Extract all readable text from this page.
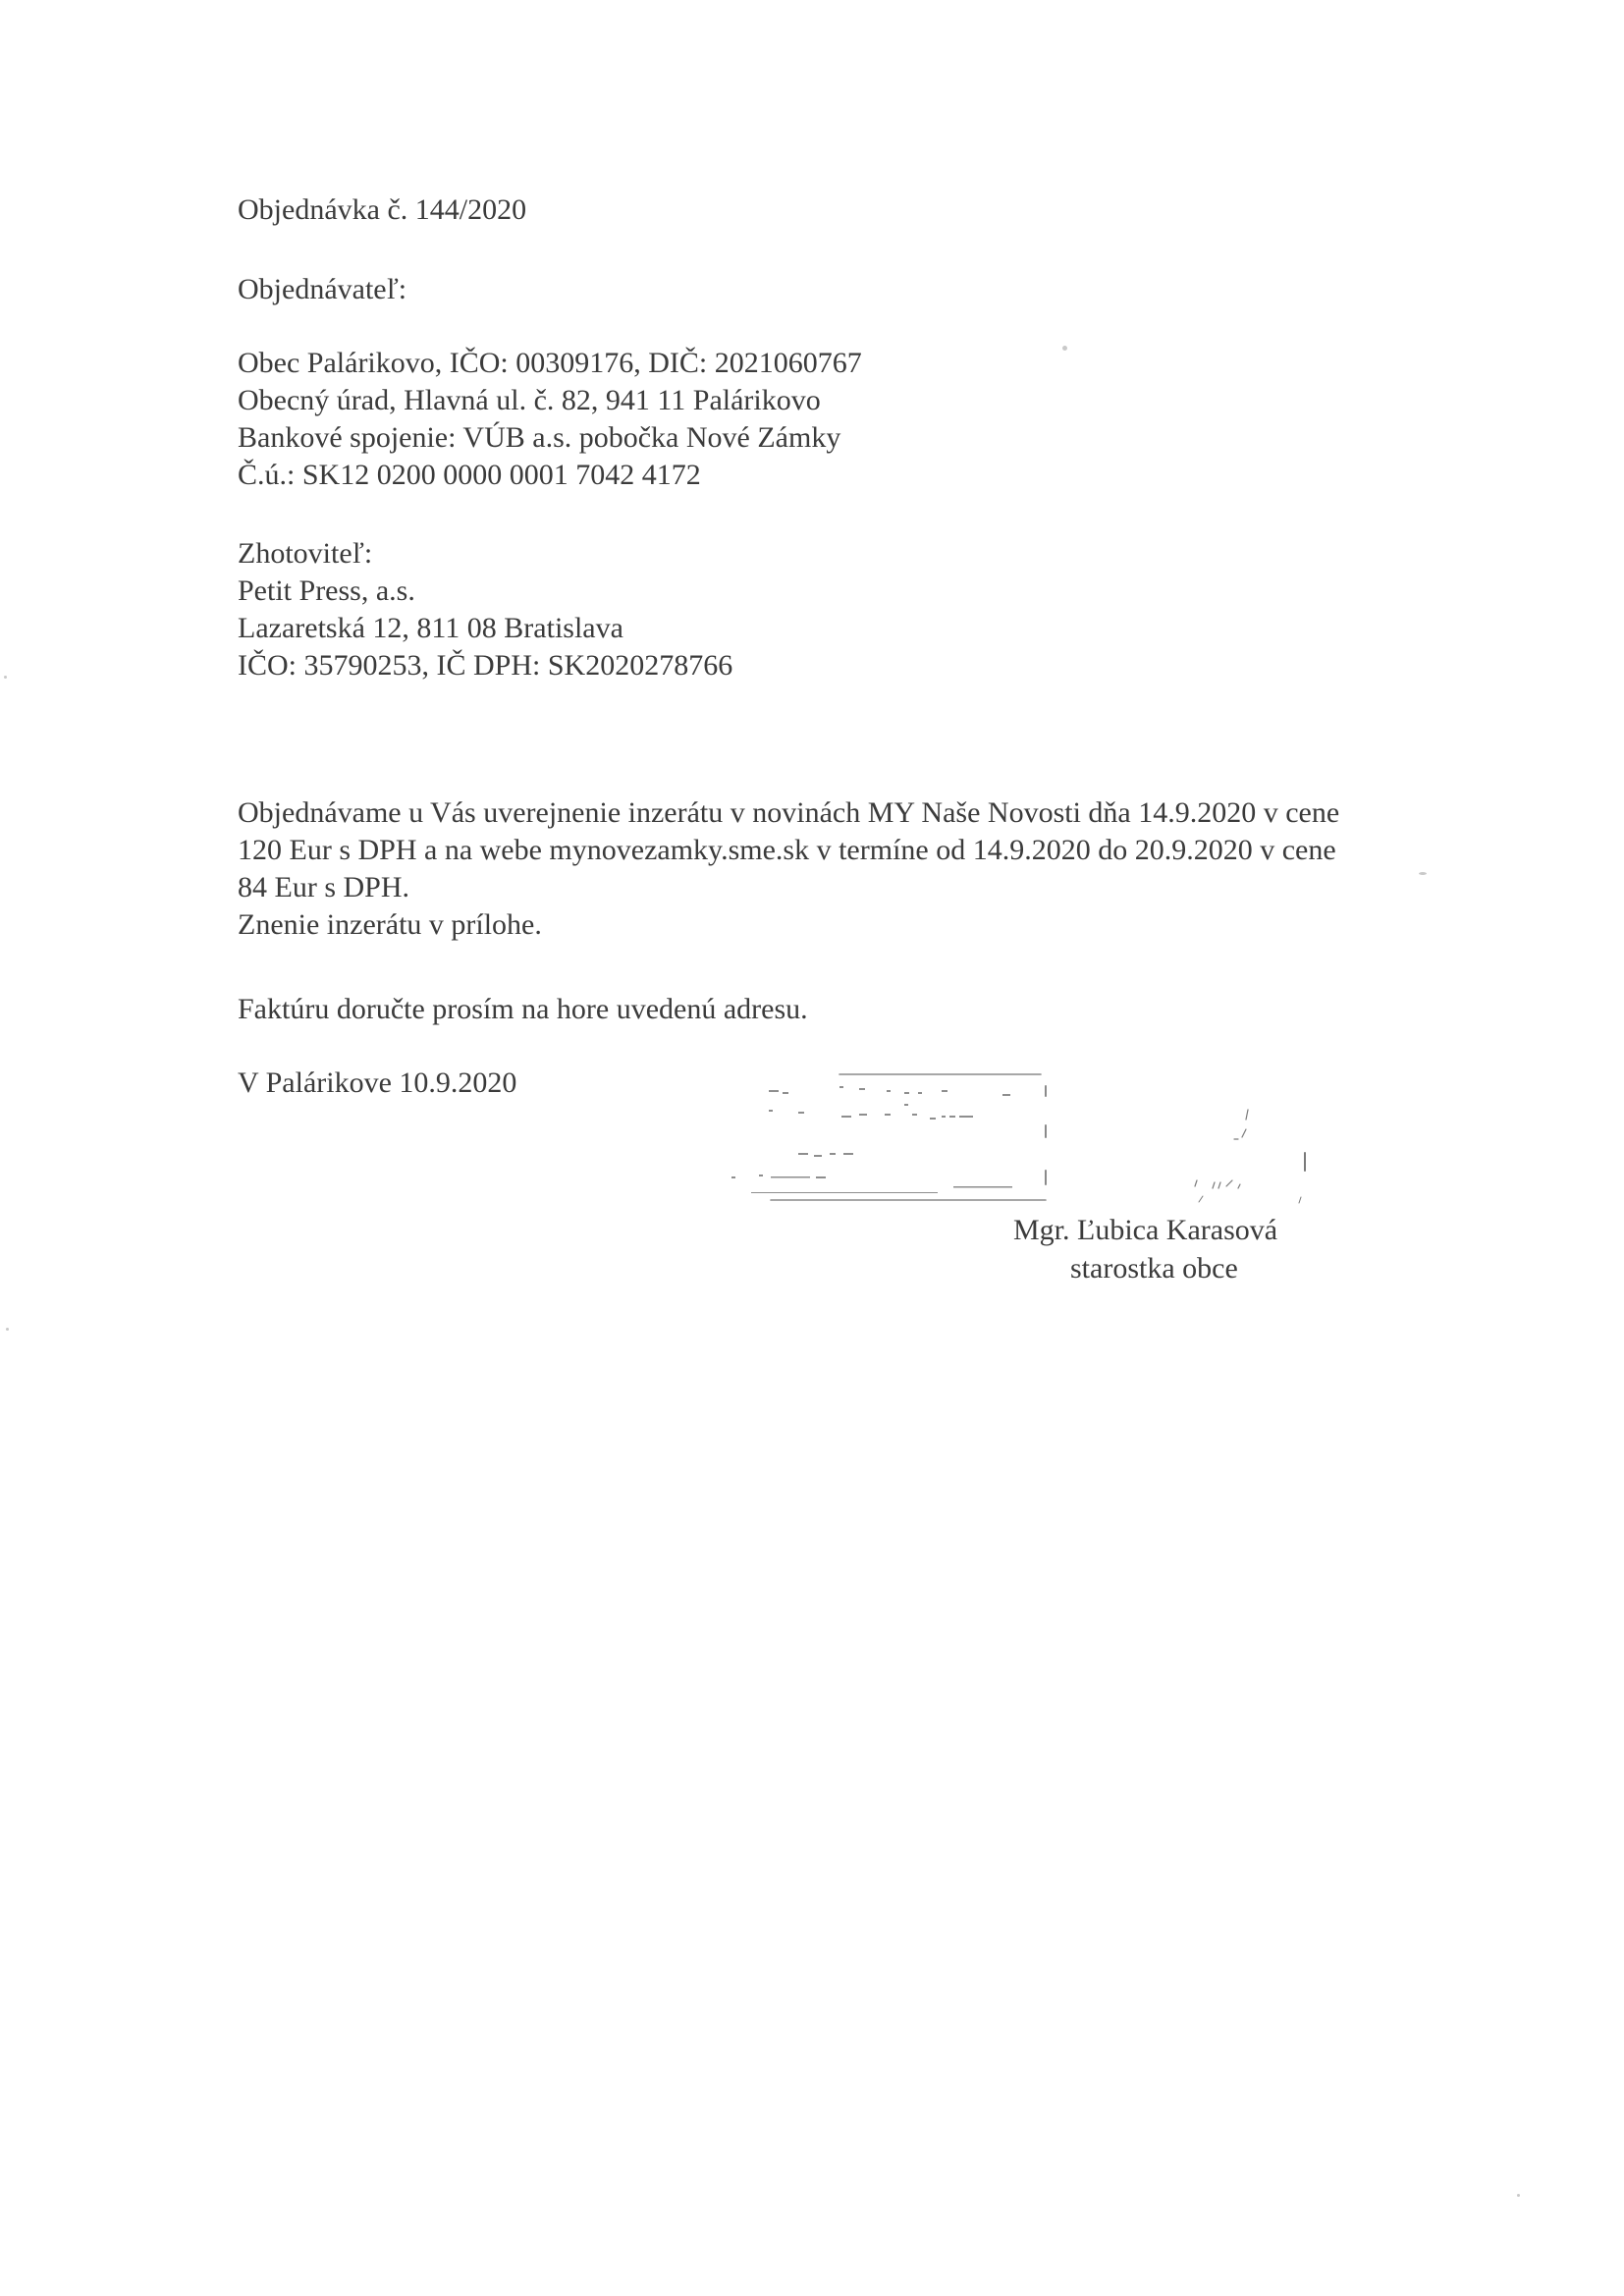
Objednávka č. 144/2020
Objednávateľ:
Obec Palárikovo, IČO: 00309176, DIČ: 2021060767
Obecný úrad, Hlavná ul. č. 82, 941 11 Palárikovo
Bankové spojenie: VÚB a.s. pobočka Nové Zámky
Č.ú.: SK12 0200 0000 0001 7042 4172
Zhotoviteľ:
Petit Press, a.s.
Lazaretská 12, 811 08 Bratislava
IČO: 35790253, IČ DPH: SK2020278766
Objednávame u Vás uverejnenie inzerátu v novinách MY Naše Novosti dňa 14.9.2020 v cene
120 Eur s DPH a na webe mynovezamky.sme.sk v termíne od 14.9.2020 do 20.9.2020 v cene
84 Eur s DPH.
Znenie inzerátu v prílohe.
Faktúru doručte prosím na hore uvedenú adresu.
V Palárikove 10.9.2020
Mgr. Ľubica Karasová
starostka obce
